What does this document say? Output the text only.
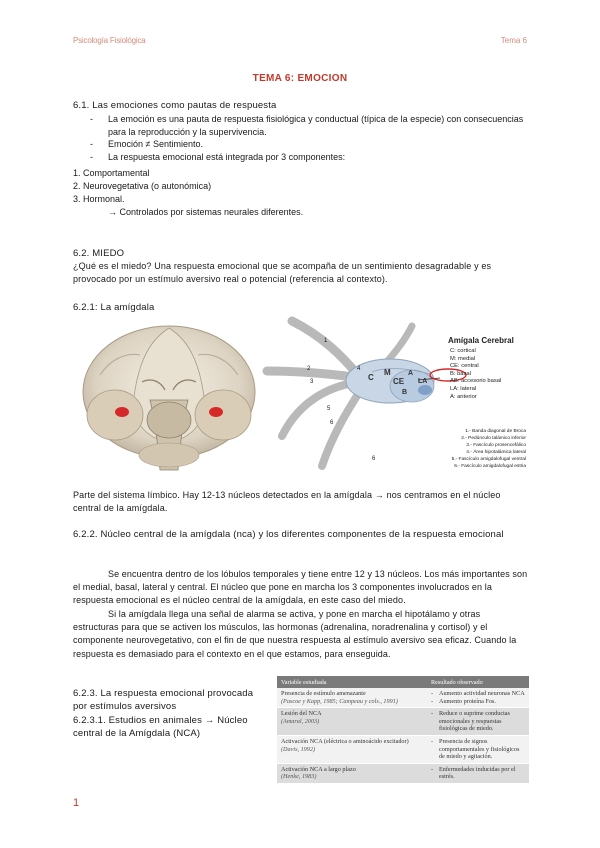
Psicología Fisiológica	Tema 6
TEMA 6: EMOCION
6.1. Las emociones como pautas de respuesta
- La emoción es una pauta de respuesta fisiológica y conductual (típica de la especie) con consecuencias para la reproducción y la supervivencia.
- Emoción ≠ Sentimiento.
- La respuesta emocional está integrada por 3 componentes:
1. Comportamental
2. Neurovegetativa (o autonómica)
3. Hormonal.
→ Controlados por sistemas neurales diferentes.
6.2. MIEDO
¿Qué es el miedo? Una respuesta emocional que se acompaña de un sentimiento desagradable y es provocado por un estímulo aversivo real o potencial (referencia al contexto).
6.2.1: La amígdala
C
M
CE
A
LA
B
1
2
3
4
5
6
6
Amígala Cerebral
C: cortical
M: medial
CE: central
B: basal
AB: accesorio basal
LA: lateral
A: anterior
1.- Banda diagonal de Broca
2.- Pedúnculo talámico inferior
3.- Fascículo prosencefálico
4.- Área hipotalámica lateral
5.- Fascículo amigdalofugal ventral
6.- Fascículo amigdalofugal estria
Parte del sistema límbico. Hay 12-13 núcleos detectados en la amígdala → nos centramos en el núcleo central de la amígdala.
6.2.2. Núcleo central de la amígdala (nca) y los diferentes componentes de la respuesta emocional
Se encuentra dentro de los lóbulos temporales y tiene entre 12 y 13 núcleos. Los más importantes son el medial, basal, lateral y central. El núcleo que pone en marcha los 3 componentes involucrados en la respuesta emocional es el núcleo central de la amígdala, en este caso del miedo.
Si la amígdala llega una señal de alarma se activa, y pone en marcha el hipotálamo y otras estructuras para que se activen los músculos, las hormonas (adrenalina, noradrenalina y cortisol) y el componente neurovegetativo, con el fin de que nuestra respuesta al estímulo aversivo sea eficaz. Cuando la respuesta es demasiado para el contexto en el que estamos, para enseguida.
6.2.3. La respuesta emocional provocada por estímulos aversivos
6.2.3.1. Estudios en animales → Núcleo central de la Amígdala (NCA)
Variable estudiada	Resultado observado
Presencia de estímulo amenazante
(Pascoe y Kapp, 1985; Campeau y cols., 1991)	- Aumento actividad neuronas NCA
- Aumento proteína Fos.

Lesión del NCA
(Amaral, 2003)	- Reduce o suprime conductas emocionales y respuestas fisiológicas de miedo.

Activación NCA (eléctrica o aminoácido excitador)
(Davis, 1992)	- Presencia de signos comportamentales y fisiológicos de miedo y agitación.

Activación NCA a largo plazo
(Henke, 1983)	- Enfermedades inducidas por el estrés.
1
